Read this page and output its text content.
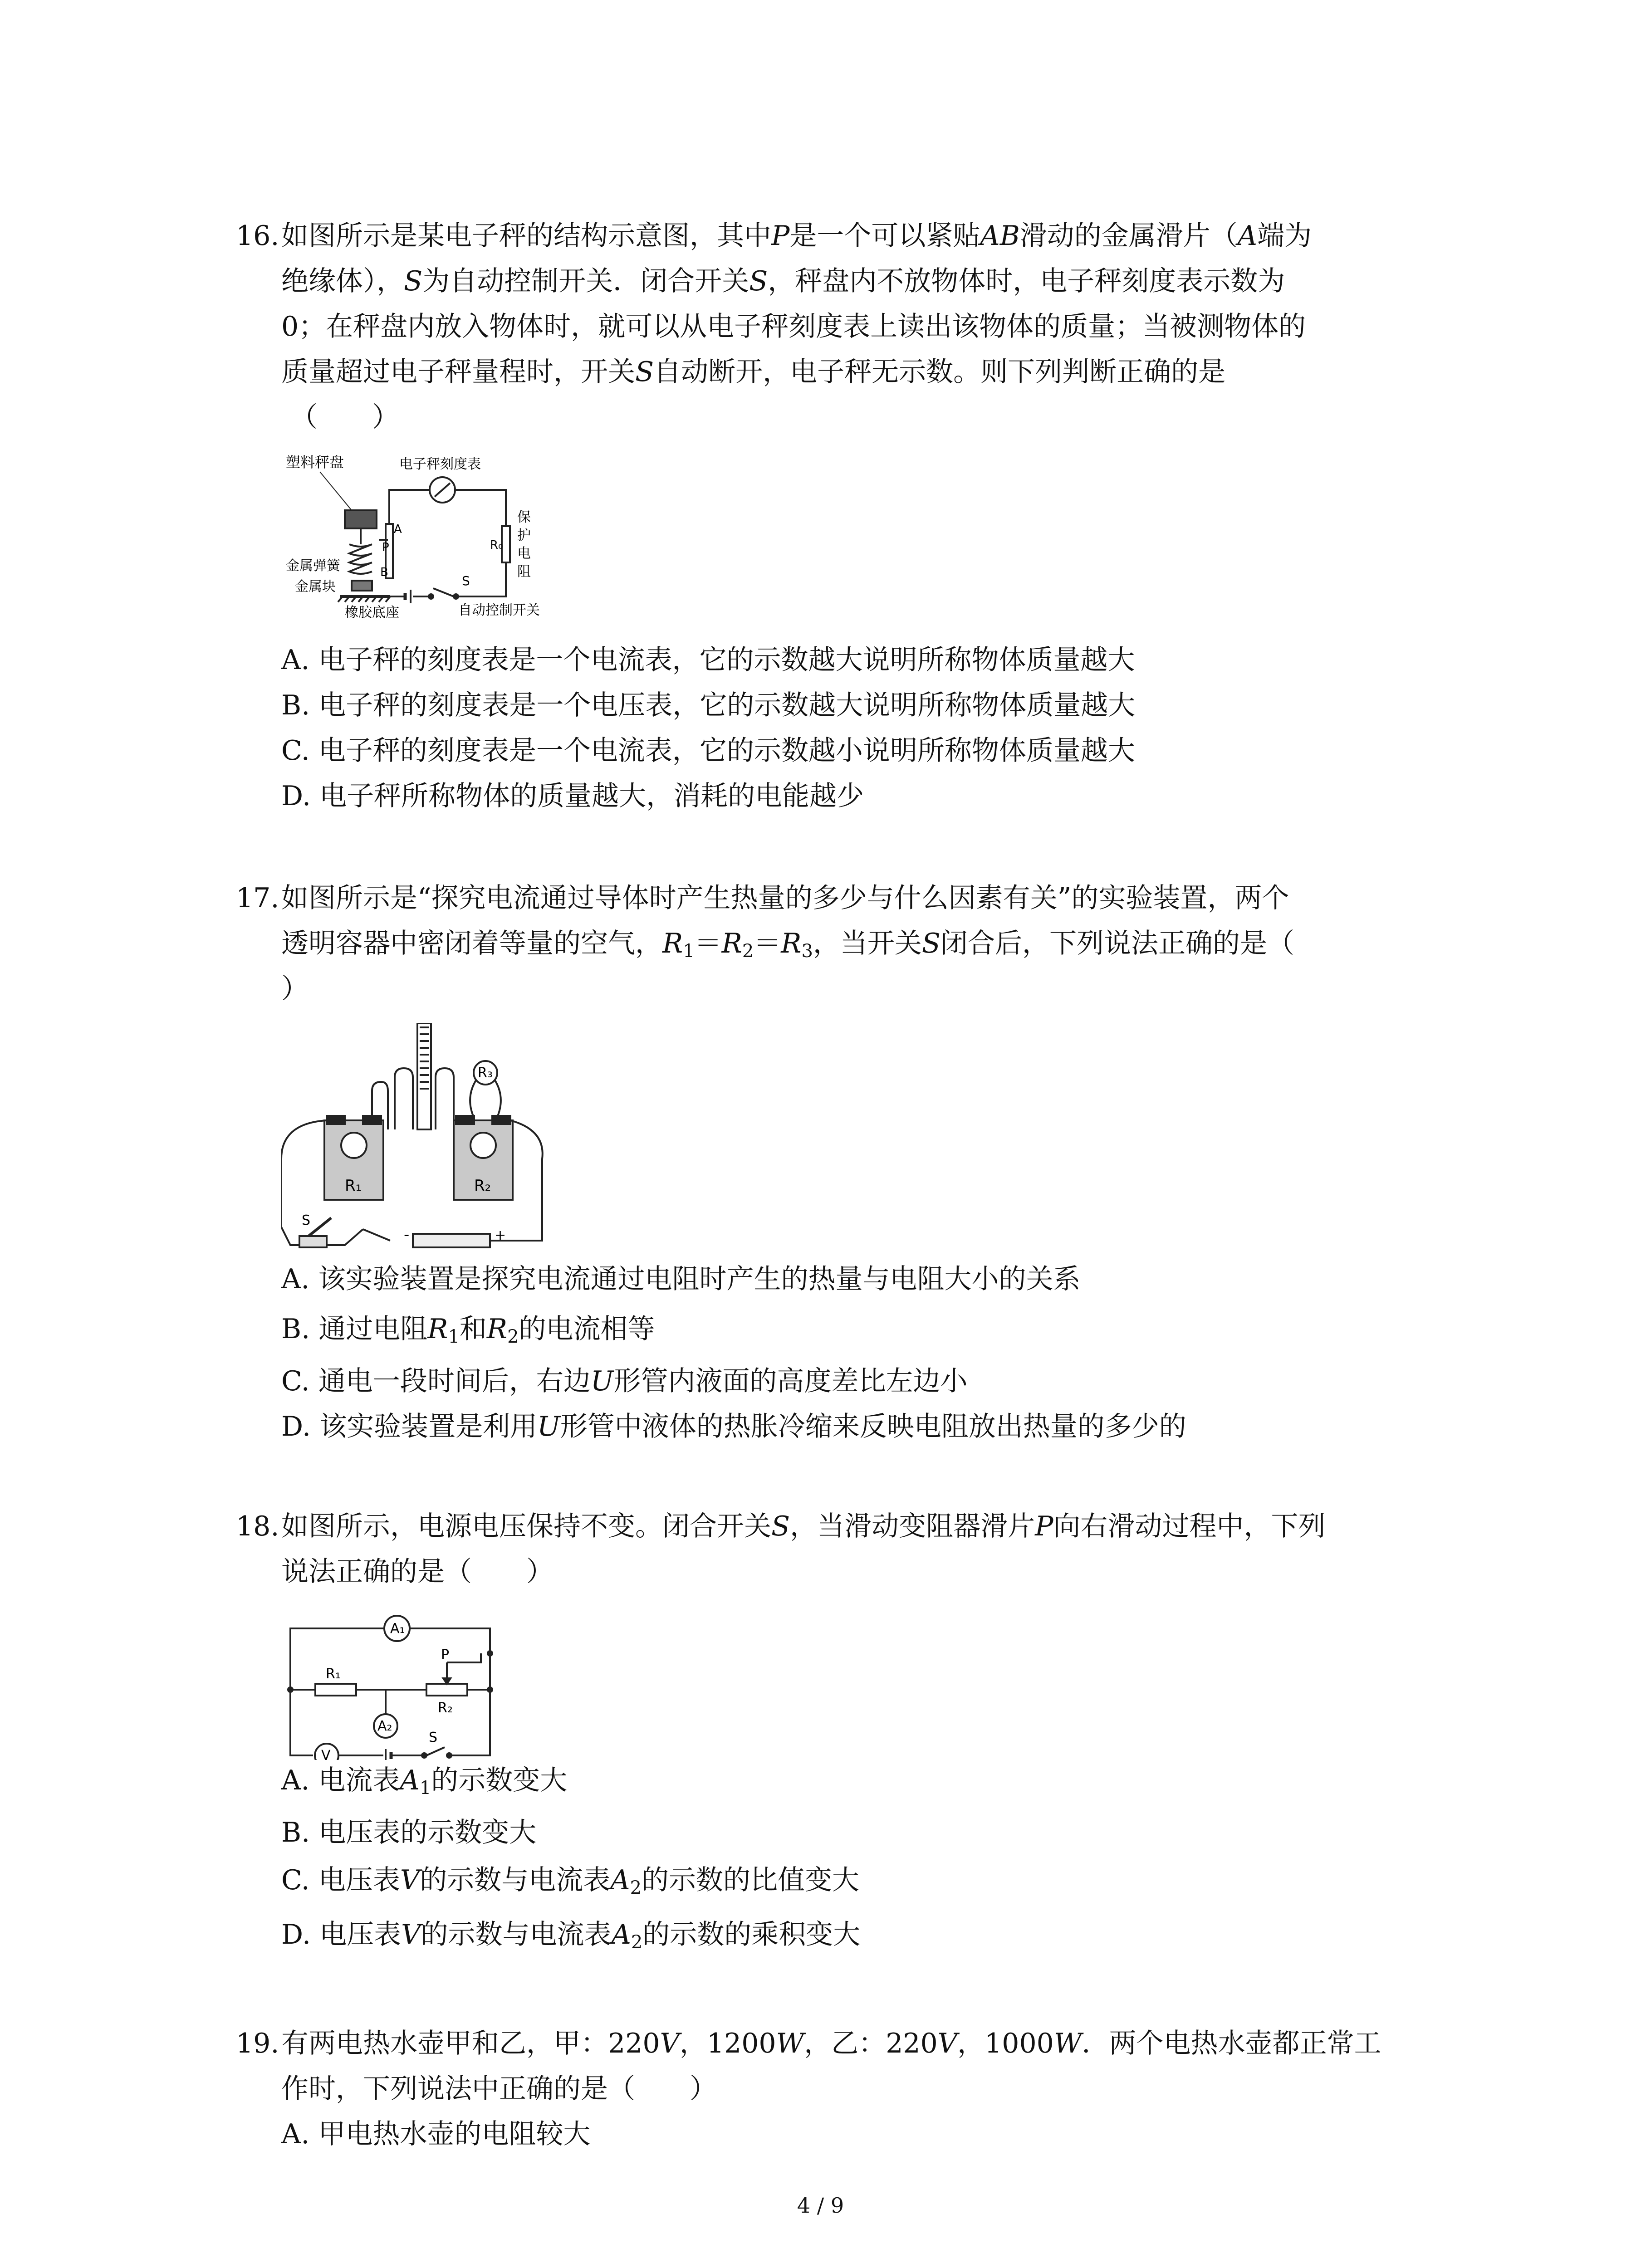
16. 如图所示是某电子秤的结构示意图，其中P是一个可以紧贴AB滑动的金属滑片（A端为
绝缘体），S为自动控制开关．闭合开关S，秤盘内不放物体时，电子秤刻度表示数为
0；在秤盘内放入物体时，就可以从电子秤刻度表上读出该物体的质量；当被测物体的
质量超过电子秤量程时，开关S自动断开，电子秤无示数。则下列判断正确的是
（　　）
塑料秤盘	电子秤刻度表
A
P
B
R₀
保
护
电
阻
金属弹簧
金属块	S
橡胶底座	自动控制开关
A. 电子秤的刻度表是一个电流表，它的示数越大说明所称物体质量越大
B. 电子秤的刻度表是一个电压表，它的示数越大说明所称物体质量越大
C. 电子秤的刻度表是一个电流表，它的示数越小说明所称物体质量越大
D. 电子秤所称物体的质量越大，消耗的电能越少
17. 如图所示是“探究电流通过导体时产生热量的多少与什么因素有关”的实验装置，两个
透明容器中密闭着等量的空气，$R_1=R_2=R_3$，当开关S闭合后，下列说法正确的是（
）
R₁	R₂
R₃
S
-	+
A. 该实验装置是探究电流通过电阻时产生的热量与电阻大小的关系
B. 通过电阻$R_1$和$R_2$的电流相等
C. 通电一段时间后，右边U形管内液面的高度差比左边小
D. 该实验装置是利用U形管中液体的热胀冷缩来反映电阻放出热量的多少的
18. 如图所示，电源电压保持不变。闭合开关S，当滑动变阻器滑片P向右滑动过程中，下列
说法正确的是（　　）
A₁
R₁
P
A₂
R₂
V
S
A. 电流表$A_1$的示数变大
B. 电压表的示数变大
C. 电压表V的示数与电流表$A_2$的示数的比值变大
D. 电压表V的示数与电流表$A_2$的示数的乘积变大
19. 有两电热水壶甲和乙，甲：220V，1200W，乙：220V，1000W．两个电热水壶都正常工
作时，下列说法中正确的是（　　）
A. 甲电热水壶的电阻较大
4 / 9
